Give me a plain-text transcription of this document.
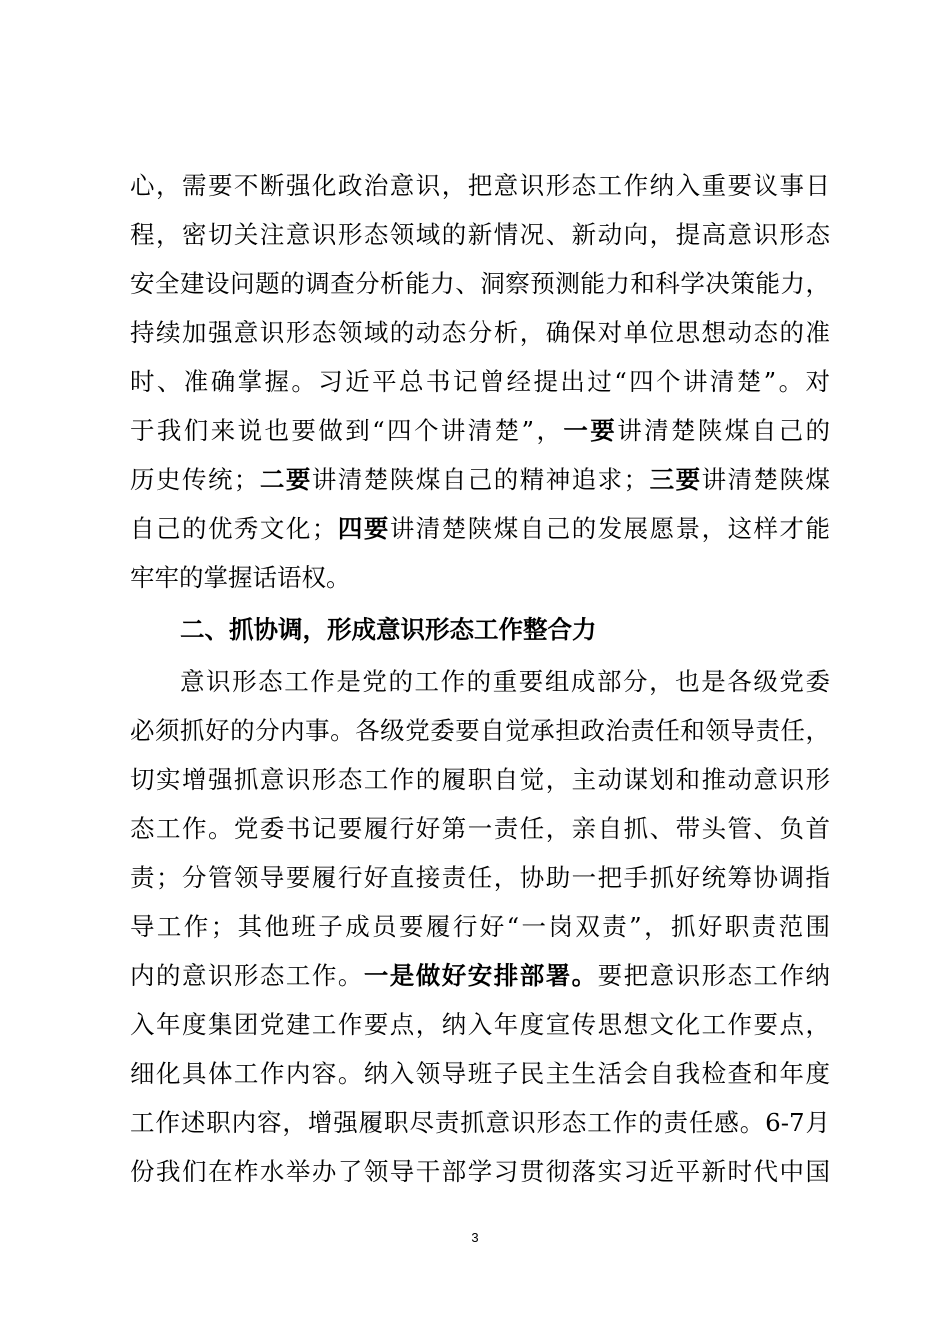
心，需要不断强化政治意识，把意识形态工作纳入重要议事日
程，密切关注意识形态领域的新情况、新动向，提高意识形态
安全建设问题的调查分析能力、洞察预测能力和科学决策能力，
持续加强意识形态领域的动态分析，确保对单位思想动态的准
时、准确掌握。习近平总书记曾经提出过“四个讲清楚”。对
于我们来说也要做到“四个讲清楚”，一要讲清楚陕煤自己的
历史传统；二要讲清楚陕煤自己的精神追求；三要讲清楚陕煤
自己的优秀文化；四要讲清楚陕煤自己的发展愿景，这样才能
牢牢的掌握话语权。
二、抓协调，形成意识形态工作整合力
意识形态工作是党的工作的重要组成部分，也是各级党委
必须抓好的分内事。各级党委要自觉承担政治责任和领导责任，
切实增强抓意识形态工作的履职自觉，主动谋划和推动意识形
态工作。党委书记要履行好第一责任，亲自抓、带头管、负首
责；分管领导要履行好直接责任，协助一把手抓好统筹协调指
导工作；其他班子成员要履行好“一岗双责”，抓好职责范围
内的意识形态工作。一是做好安排部署。要把意识形态工作纳
入年度集团党建工作要点，纳入年度宣传思想文化工作要点，
细化具体工作内容。纳入领导班子民主生活会自我检查和年度
工作述职内容，增强履职尽责抓意识形态工作的责任感。6-7月
份我们在柞水举办了领导干部学习贯彻落实习近平新时代中国
3
